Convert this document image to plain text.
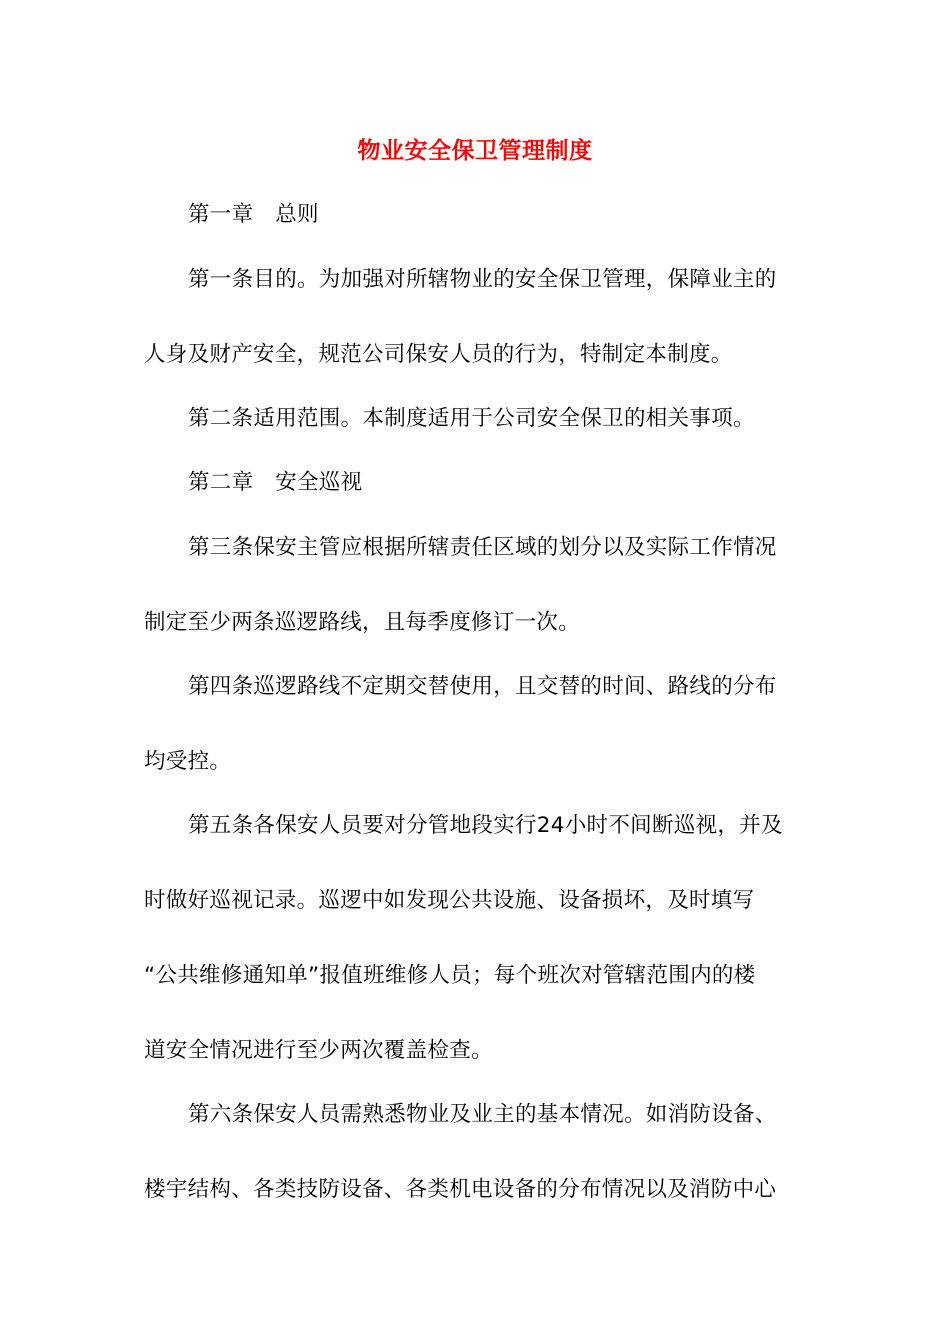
物业安全保卫管理制度
第一章　总则
第一条目的。为加强对所辖物业的安全保卫管理，保障业主的
人身及财产安全，规范公司保安人员的行为，特制定本制度。
第二条适用范围。本制度适用于公司安全保卫的相关事项。
第二章　安全巡视
第三条保安主管应根据所辖责任区域的划分以及实际工作情况
制定至少两条巡逻路线，且每季度修订一次。
第四条巡逻路线不定期交替使用，且交替的时间、路线的分布
均受控。
第五条各保安人员要对分管地段实行24小时不间断巡视，并及
时做好巡视记录。巡逻中如发现公共设施、设备损坏，及时填写
“公共维修通知单”报值班维修人员；每个班次对管辖范围内的楼
道安全情况进行至少两次覆盖检查。
第六条保安人员需熟悉物业及业主的基本情况。如消防设备、
楼宇结构、各类技防设备、各类机电设备的分布情况以及消防中心
